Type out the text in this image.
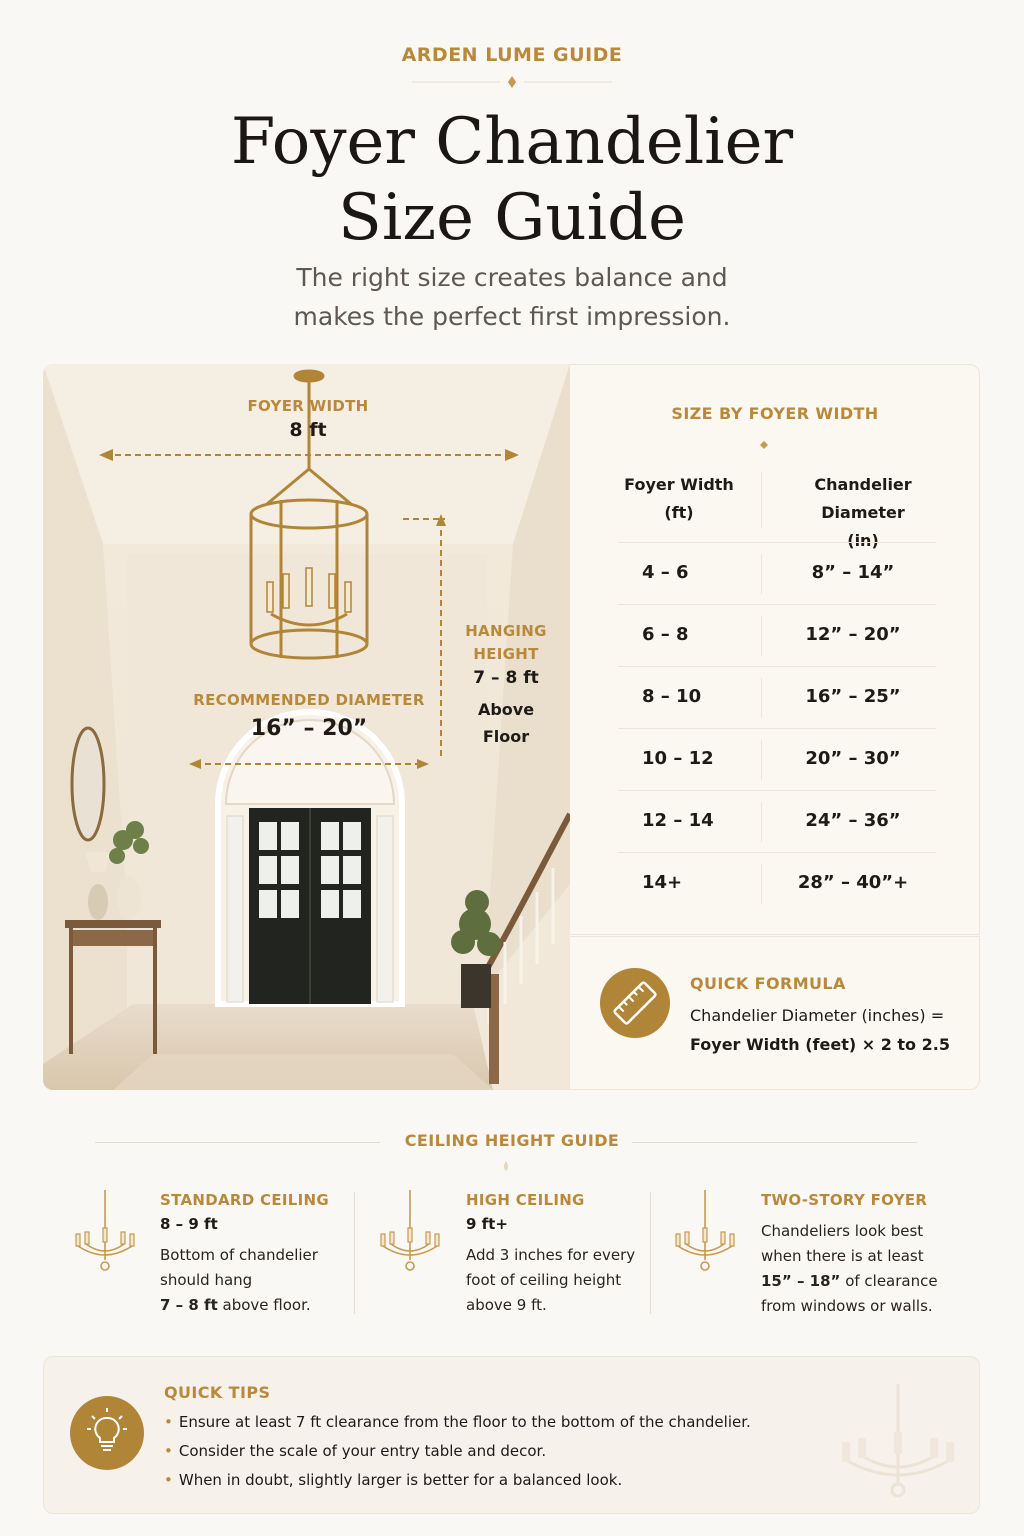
ARDEN LUME GUIDE
Foyer Chandelier
Size Guide
The right size creates balance and
makes the perfect first impression.
FOYER WIDTH
8 ft
RECOMMENDED DIAMETER
16” – 20”
HANGING
HEIGHT
7 – 8 ft
Above
Floor
SIZE BY FOYER WIDTH
Foyer Width
(ft)
Chandelier Diameter
(in)
4 – 6	8” – 14”
6 – 8	12” – 20”
8 – 10	16” – 25”
10 – 12	20” – 30”
12 – 14	24” – 36”
14+	28” – 40”+
QUICK FORMULA
Chandelier Diameter (inches) =
Foyer Width (feet) × 2 to 2.5
CEILING HEIGHT GUIDE
STANDARD CEILING
8 – 9 ft
Bottom of chandelier
should hang
7 – 8 ft above floor.
HIGH CEILING
9 ft+
Add 3 inches for every
foot of ceiling height
above 9 ft.
TWO-STORY FOYER
Chandeliers look best
when there is at least
15” – 18” of clearance
from windows or walls.
QUICK TIPS
• Ensure at least 7 ft clearance from the floor to the bottom of the chandelier.
• Consider the scale of your entry table and decor.
• When in doubt, slightly larger is better for a balanced look.
